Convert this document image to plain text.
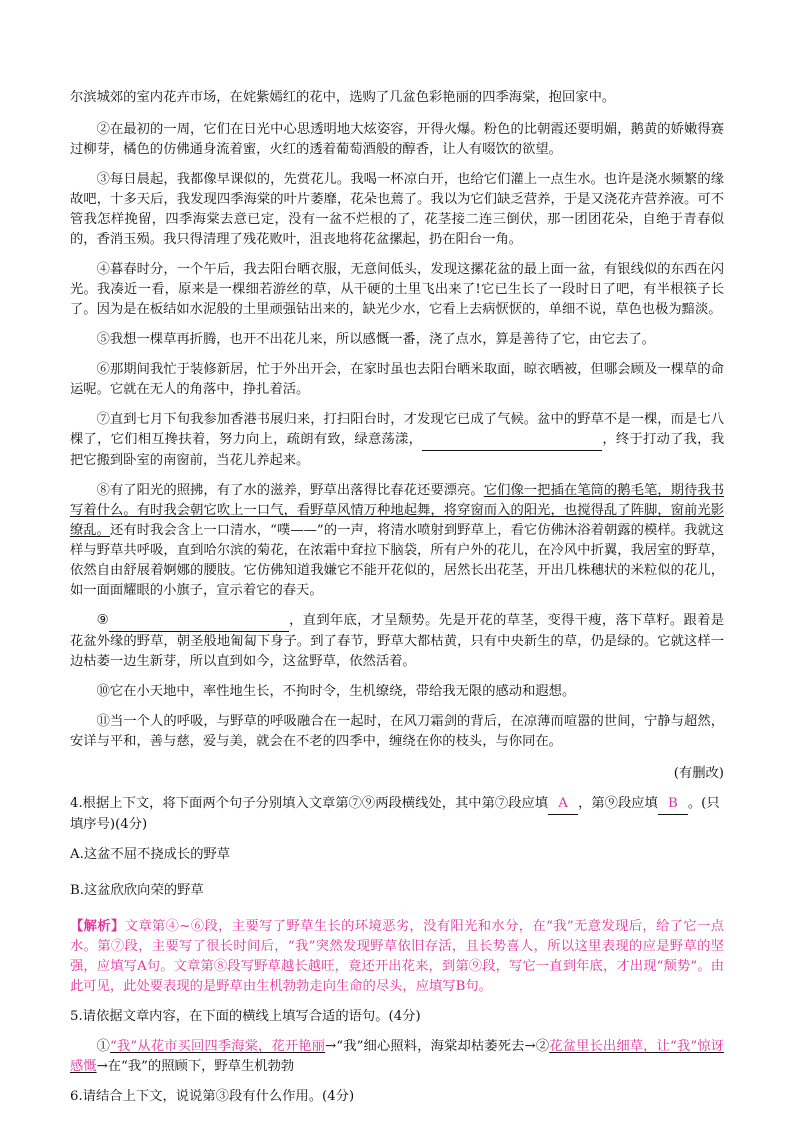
尔滨城郊的室内花卉市场，在姹紫嫣红的花中，选购了几盆色彩艳丽的四季海棠，抱回家中。

②在最初的一周，它们在日光中心思透明地大炫姿容，开得火爆。粉色的比朝霞还要明媚，鹅黄的娇嫩得赛过柳芽，橘色的仿佛通身流着蜜，火红的透着葡萄酒般的醇香，让人有啜饮的欲望。

③每日晨起，我都像早课似的，先赏花儿。我喝一杯凉白开，也给它们灌上一点生水。也许是浇水频繁的缘故吧，十多天后，我发现四季海棠的叶片萎靡，花朵也蔫了。我以为它们缺乏营养，于是又浇花卉营养液。可不管我怎样挽留，四季海棠去意已定，没有一盆不烂根的了，花茎接二连三倒伏，那一团团花朵，自绝于青春似的，香消玉殒。我只得清理了残花败叶，沮丧地将花盆摞起，扔在阳台一角。

④暮春时分，一个午后，我去阳台晒衣服，无意间低头，发现这摞花盆的最上面一盆，有银线似的东西在闪光。我凑近一看，原来是一棵细若游丝的草，从干硬的土里飞出来了!它已生长了一段时日了吧，有半根筷子长了。因为是在板结如水泥般的土里顽强钻出来的，缺光少水，它看上去病恹恹的，单细不说，草色也极为黯淡。

⑤我想一棵草再折腾，也开不出花儿来，所以感慨一番，浇了点水，算是善待了它，由它去了。

⑥那期间我忙于装修新居，忙于外出开会，在家时虽也去阳台晒米取面，晾衣晒被，但哪会顾及一棵草的命运呢。它就在无人的角落中，挣扎着活。

⑦直到七月下旬我参加香港书展归来，打扫阳台时，才发现它已成了气候。盆中的野草不是一棵，而是七八棵了，它们相互搀扶着，努力向上，疏朗有致，绿意荡漾，	，终于打动了我，我把它搬到卧室的南窗前，当花儿养起来。

⑧有了阳光的照拂，有了水的滋养，野草出落得比春花还要漂亮。它们像一把插在笔筒的鹅毛笔，期待我书写着什么。有时我会朝它吹上一口气，看野草风情万种地起舞，将穿窗而入的阳光，也搅得乱了阵脚，窗前光影缭乱。还有时我会含上一口清水，“噗——”的一声，将清水喷射到野草上，看它仿佛沐浴着朝露的模样。我就这样与野草共呼吸，直到哈尔滨的菊花，在浓霜中耷拉下脑袋，所有户外的花儿，在冷风中折翼，我居室的野草，依然自由舒展着婀娜的腰肢。它仿佛知道我嫌它不能开花似的，居然长出花茎，开出几株穗状的米粒似的花儿，如一面面耀眼的小旗子，宣示着它的春天。

⑨	，直到年底，才呈颓势。先是开花的草茎，变得干瘦，落下草籽。跟着是花盆外缘的野草，朝圣般地匍匐下身子。到了春节，野草大都枯黄，只有中央新生的草，仍是绿的。它就这样一边枯萎一边生新芽，所以直到如今，这盆野草，依然活着。

⑩它在小天地中，率性地生长，不拘时令，生机缭绕，带给我无限的感动和遐想。

⑪当一个人的呼吸，与野草的呼吸融合在一起时，在风刀霜剑的背后，在凉薄而喧嚣的世间，宁静与超然，安详与平和，善与慈，爱与美，就会在不老的四季中，缠绕在你的枝头，与你同在。

(有删改)

4.根据上下文，将下面两个句子分别填入文章第⑦⑨两段横线处，其中第⑦段应填 A ，第⑨段应填 B 。(只填序号)(4分)

A.这盆不屈不挠成长的野草

B.这盆欣欣向荣的野草

【解析】文章第④~⑥段，主要写了野草生长的环境恶劣，没有阳光和水分，在“我”无意发现后，给了它一点水。第⑦段，主要写了很长时间后，“我”突然发现野草依旧存活，且长势喜人，所以这里表现的应是野草的坚强，应填写A句。文章第⑧段写野草越长越旺，竟还开出花来，到第⑨段，写它一直到年底，才出现“颓势”。由此可见，此处要表现的是野草由生机勃勃走向生命的尽头，应填写B句。

5.请依据文章内容，在下面的横线上填写合适的语句。(4分)

①“我”从花市买回四季海棠，花开艳丽→“我”细心照料，海棠却枯萎死去→②花盆里长出细草，让“我”惊讶感慨→在“我”的照顾下，野草生机勃勃

6.请结合上下文，说说第③段有什么作用。(4分)
